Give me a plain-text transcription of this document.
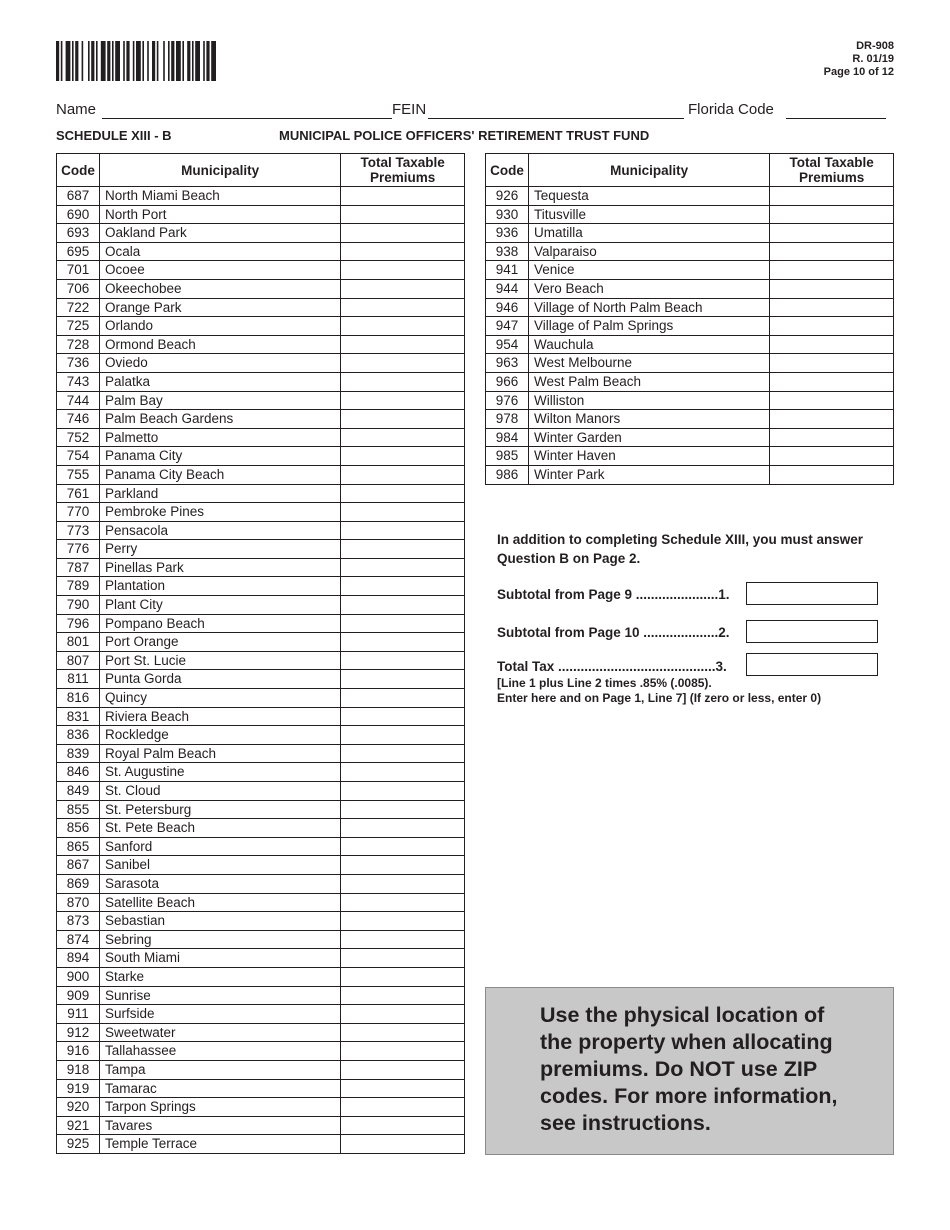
DR-908
R. 01/19
Page 10 of 12
Name	FEIN	Florida Code
SCHEDULE XIII - B	MUNICIPAL POLICE OFFICERS' RETIREMENT TRUST FUND
Code	Municipality	Total Taxable Premiums
687	North Miami Beach	
690	North Port	
693	Oakland Park	
695	Ocala	
701	Ocoee	
706	Okeechobee	
722	Orange Park	
725	Orlando	
728	Ormond Beach	
736	Oviedo	
743	Palatka	
744	Palm Bay	
746	Palm Beach Gardens	
752	Palmetto	
754	Panama City	
755	Panama City Beach	
761	Parkland	
770	Pembroke Pines	
773	Pensacola	
776	Perry	
787	Pinellas Park	
789	Plantation	
790	Plant City	
796	Pompano Beach	
801	Port Orange	
807	Port St. Lucie	
811	Punta Gorda	
816	Quincy	
831	Riviera Beach	
836	Rockledge	
839	Royal Palm Beach	
846	St. Augustine	
849	St. Cloud	
855	St. Petersburg	
856	St. Pete Beach	
865	Sanford	
867	Sanibel	
869	Sarasota	
870	Satellite Beach	
873	Sebastian	
874	Sebring	
894	South Miami	
900	Starke	
909	Sunrise	
911	Surfside	
912	Sweetwater	
916	Tallahassee	
918	Tampa	
919	Tamarac	
920	Tarpon Springs	
921	Tavares	
925	Temple Terrace	
Code	Municipality	Total Taxable Premiums
926	Tequesta	
930	Titusville	
936	Umatilla	
938	Valparaiso	
941	Venice	
944	Vero Beach	
946	Village of North Palm Beach	
947	Village of Palm Springs	
954	Wauchula	
963	West Melbourne	
966	West Palm Beach	
976	Williston	
978	Wilton Manors	
984	Winter Garden	
985	Winter Haven	
986	Winter Park	
In addition to completing Schedule XIII, you must answer Question B on Page 2.
Subtotal from Page 9 ......................1.
Subtotal from Page 10 ....................2.
Total Tax ..........................................3.
[Line 1 plus Line 2 times .85% (.0085).
Enter here and on Page 1, Line 7] (If zero or less, enter 0)

Use the physical location of the property when allocating premiums. Do NOT use ZIP codes. For more information, see instructions.
